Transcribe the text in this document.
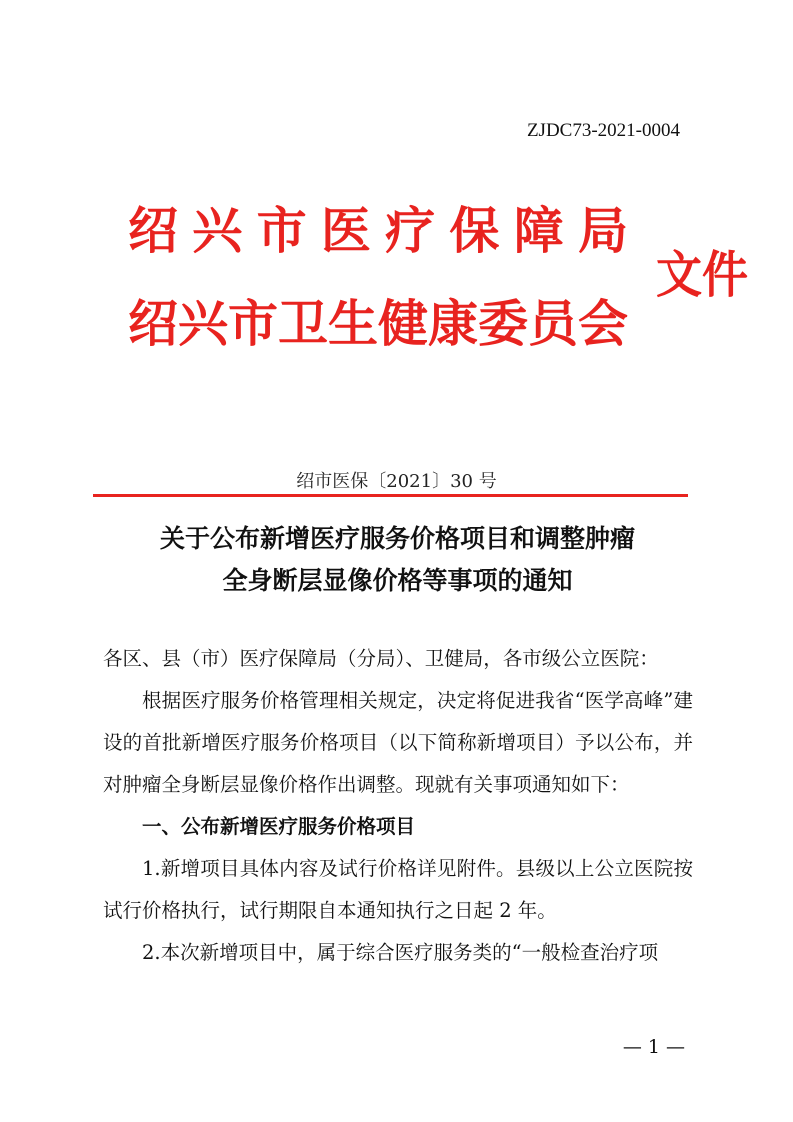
ZJDC73-2021-0004
绍 兴 市 医 疗 保 障 局
绍 兴 市 卫 生 健 康 委 员 会
文件
绍市医保〔2021〕30 号
关于公布新增医疗服务价格项目和调整肿瘤
全身断层显像价格等事项的通知

各区、县（市）医疗保障局（分局）、卫健局，各市级公立医院：

根据医疗服务价格管理相关规定，决定将促进我省“医学高峰”建设的首批新增医疗服务价格项目（以下简称新增项目）予以公布，并对肿瘤全身断层显像价格作出调整。现就有关事项通知如下：

一、公布新增医疗服务价格项目

1.新增项目具体内容及试行价格详见附件。县级以上公立医院按试行价格执行，试行期限自本通知执行之日起 2 年。

2.本次新增项目中，属于综合医疗服务类的“一般检查治疗项

— 1 —
